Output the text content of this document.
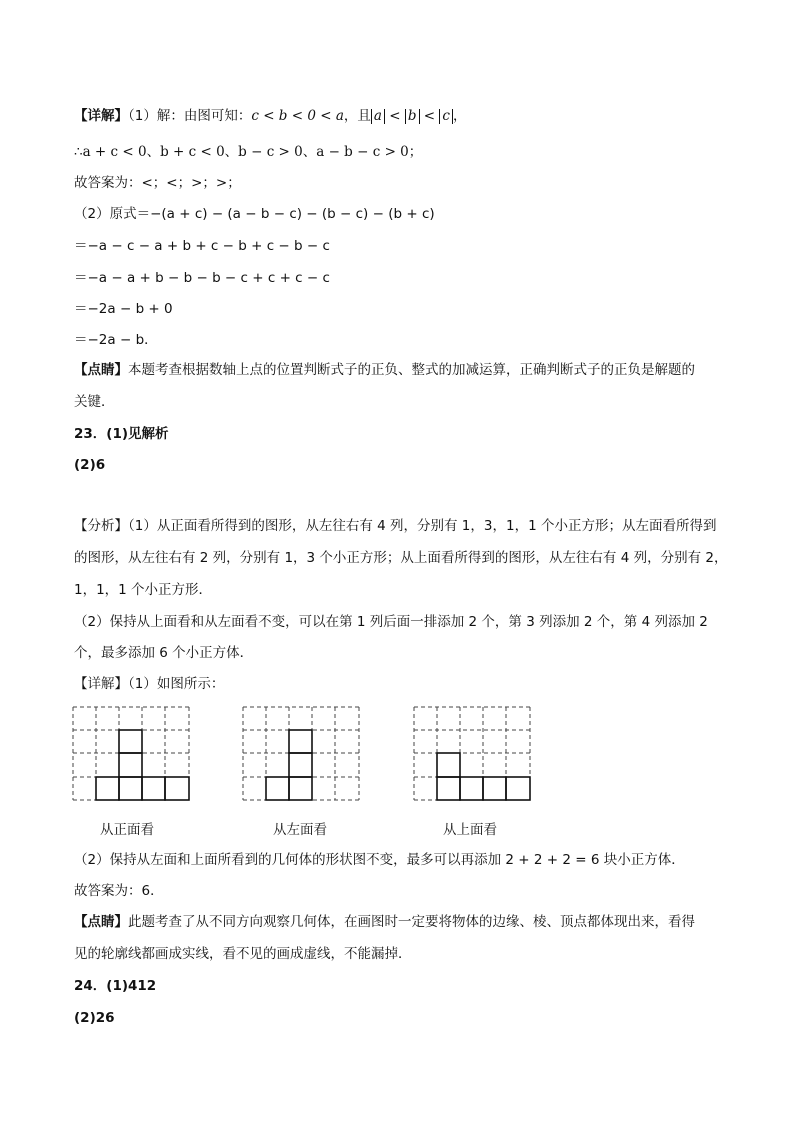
【详解】（1）解：由图可知：c < b < 0 < a，且 a < b < c ，
∴a + c < 0、b + c < 0、b − c > 0、a − b − c > 0；
故答案为：<；<；>；>；
（2）原式＝−(a + c) − (a − b − c) − (b − c) − (b + c)
＝−a − c − a + b + c − b + c − b − c
＝−a − a + b − b − b − c + c + c − c
＝−2a − b + 0
＝−2a − b．
【点睛】本题考查根据数轴上点的位置判断式子的正负、整式的加减运算，正确判断式子的正负是解题的
关键．
23．(1)见解析
(2)6
【分析】（1）从正面看所得到的图形，从左往右有 4 列，分别有 1，3，1，1 个小正方形；从左面看所得到
的图形，从左往右有 2 列，分别有 1，3 个小正方形；从上面看所得到的图形，从左往右有 4 列，分别有 2，
1，1，1 个小正方形．
（2）保持从上面看和从左面看不变，可以在第 1 列后面一排添加 2 个，第 3 列添加 2 个，第 4 列添加 2
个，最多添加 6 个小正方体．
【详解】（1）如图所示：
从正面看	从左面看	从上面看
（2）保持从左面和上面所看到的几何体的形状图不变，最多可以再添加 2 + 2 + 2 = 6 块小正方体．
故答案为：6．
【点睛】此题考查了从不同方向观察几何体，在画图时一定要将物体的边缘、棱、顶点都体现出来，看得
见的轮廓线都画成实线，看不见的画成虚线，不能漏掉．
24．(1)412
(2)26
